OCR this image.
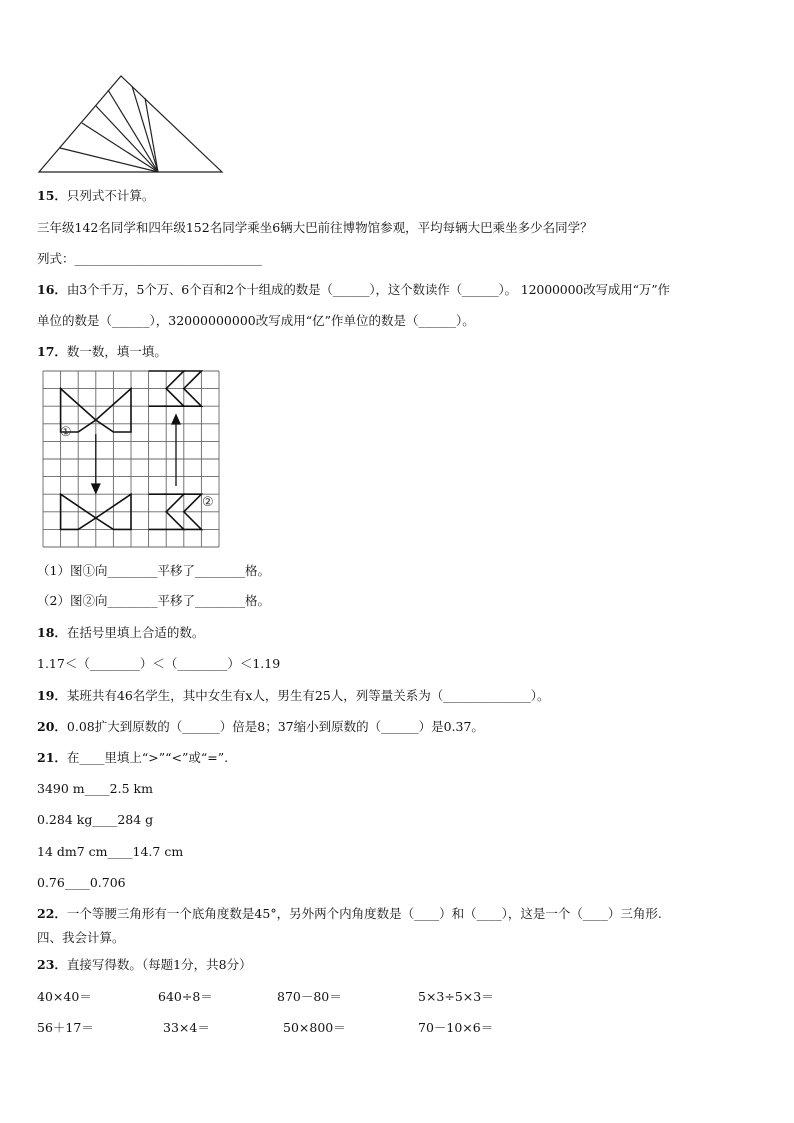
15．只列式不计算。
三年级142名同学和四年级152名同学乘坐6辆大巴前往博物馆参观，平均每辆大巴乘坐多少名同学？
列式：______________________________
16．由3个千万，5个万、6个百和2个十组成的数是（______），这个数读作（______）。 12000000改写成用“万”作
单位的数是（______），32000000000改写成用“亿”作单位的数是（______）。
17．数一数，填一填。
①
②
（1）图①向________平移了________格。
（2）图②向________平移了________格。
18．在括号里填上合适的数。
1.17＜（________）＜（________）＜1.19
19．某班共有46名学生，其中女生有x人，男生有25人，列等量关系为（______________）。
20．0.08扩大到原数的（______）倍是8；37缩小到原数的（______）是0.37。
21．在____里填上“>”“<”或“=”.
3490 m____2.5 km
0.284 kg____284 g
14 dm7 cm____14.7 cm
0.76____0.706
22．一个等腰三角形有一个底角度数是45°，另外两个内角度数是（____）和（____），这是一个（____）三角形.
四、我会计算。
23．直接写得数。（每题1分，共8分）
40×40＝	640÷8＝	870－80＝	5×3÷5×3＝
56＋17＝	33×4＝	50×800＝	70－10×6＝
